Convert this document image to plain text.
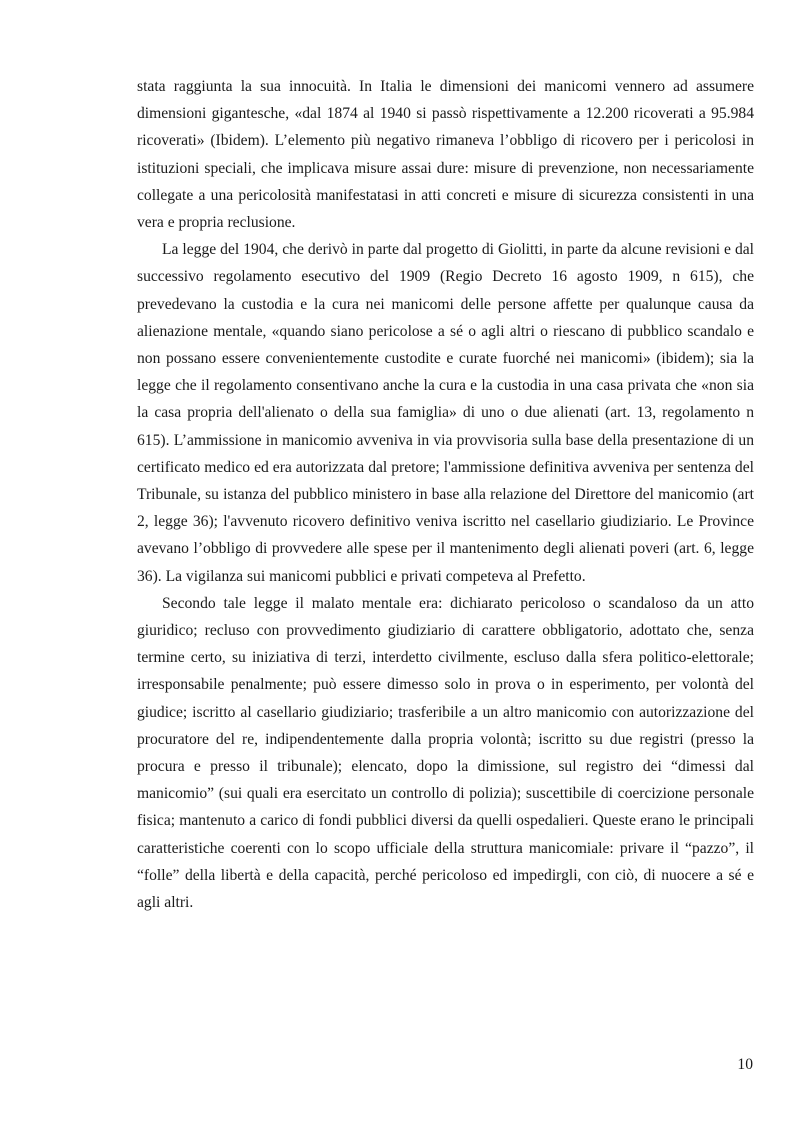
stata raggiunta la sua innocuità. In Italia le dimensioni dei manicomi vennero ad assumere dimensioni gigantesche, «dal 1874 al 1940 si passò rispettivamente a 12.200 ricoverati a 95.984 ricoverati» (Ibidem). L’elemento più negativo rimaneva l’obbligo di ricovero per i pericolosi in istituzioni speciali, che implicava misure assai dure: misure di prevenzione, non necessariamente collegate a una pericolosità manifestatasi in atti concreti e misure di sicurezza consistenti in una vera e propria reclusione.

La legge del 1904, che derivò in parte dal progetto di Giolitti, in parte da alcune revisioni e dal successivo regolamento esecutivo del 1909 (Regio Decreto 16 agosto 1909, n 615), che prevedevano la custodia e la cura nei manicomi delle persone affette per qualunque causa da alienazione mentale, «quando siano pericolose a sé o agli altri o riescano di pubblico scandalo e non possano essere convenientemente custodite e curate fuorché nei manicomi» (ibidem); sia la legge che il regolamento consentivano anche la cura e la custodia in una casa privata che «non sia la casa propria dell'alienato o della sua famiglia» di uno o due alienati (art. 13, regolamento n 615). L’ammissione in manicomio avveniva in via provvisoria sulla base della presentazione di un certificato medico ed era autorizzata dal pretore; l'ammissione definitiva avveniva per sentenza del Tribunale, su istanza del pubblico ministero in base alla relazione del Direttore del manicomio (art 2, legge 36); l'avvenuto ricovero definitivo veniva iscritto nel casellario giudiziario. Le Province avevano l’obbligo di provvedere alle spese per il mantenimento degli alienati poveri (art. 6, legge 36). La vigilanza sui manicomi pubblici e privati competeva al Prefetto.

Secondo tale legge il malato mentale era: dichiarato pericoloso o scandaloso da un atto giuridico; recluso con provvedimento giudiziario di carattere obbligatorio, adottato che, senza termine certo, su iniziativa di terzi, interdetto civilmente, escluso dalla sfera politico-elettorale; irresponsabile penalmente; può essere dimesso solo in prova o in esperimento, per volontà del giudice; iscritto al casellario giudiziario; trasferibile a un altro manicomio con autorizzazione del procuratore del re, indipendentemente dalla propria volontà; iscritto su due registri (presso la procura e presso il tribunale); elencato, dopo la dimissione, sul registro dei “dimessi dal manicomio” (sui quali era esercitato un controllo di polizia); suscettibile di coercizione personale fisica; mantenuto a carico di fondi pubblici diversi da quelli ospedalieri. Queste erano le principali caratteristiche coerenti con lo scopo ufficiale della struttura manicomiale: privare il “pazzo”, il “folle” della libertà e della capacità, perché pericoloso ed impedirgli, con ciò, di nuocere a sé e agli altri.

10
